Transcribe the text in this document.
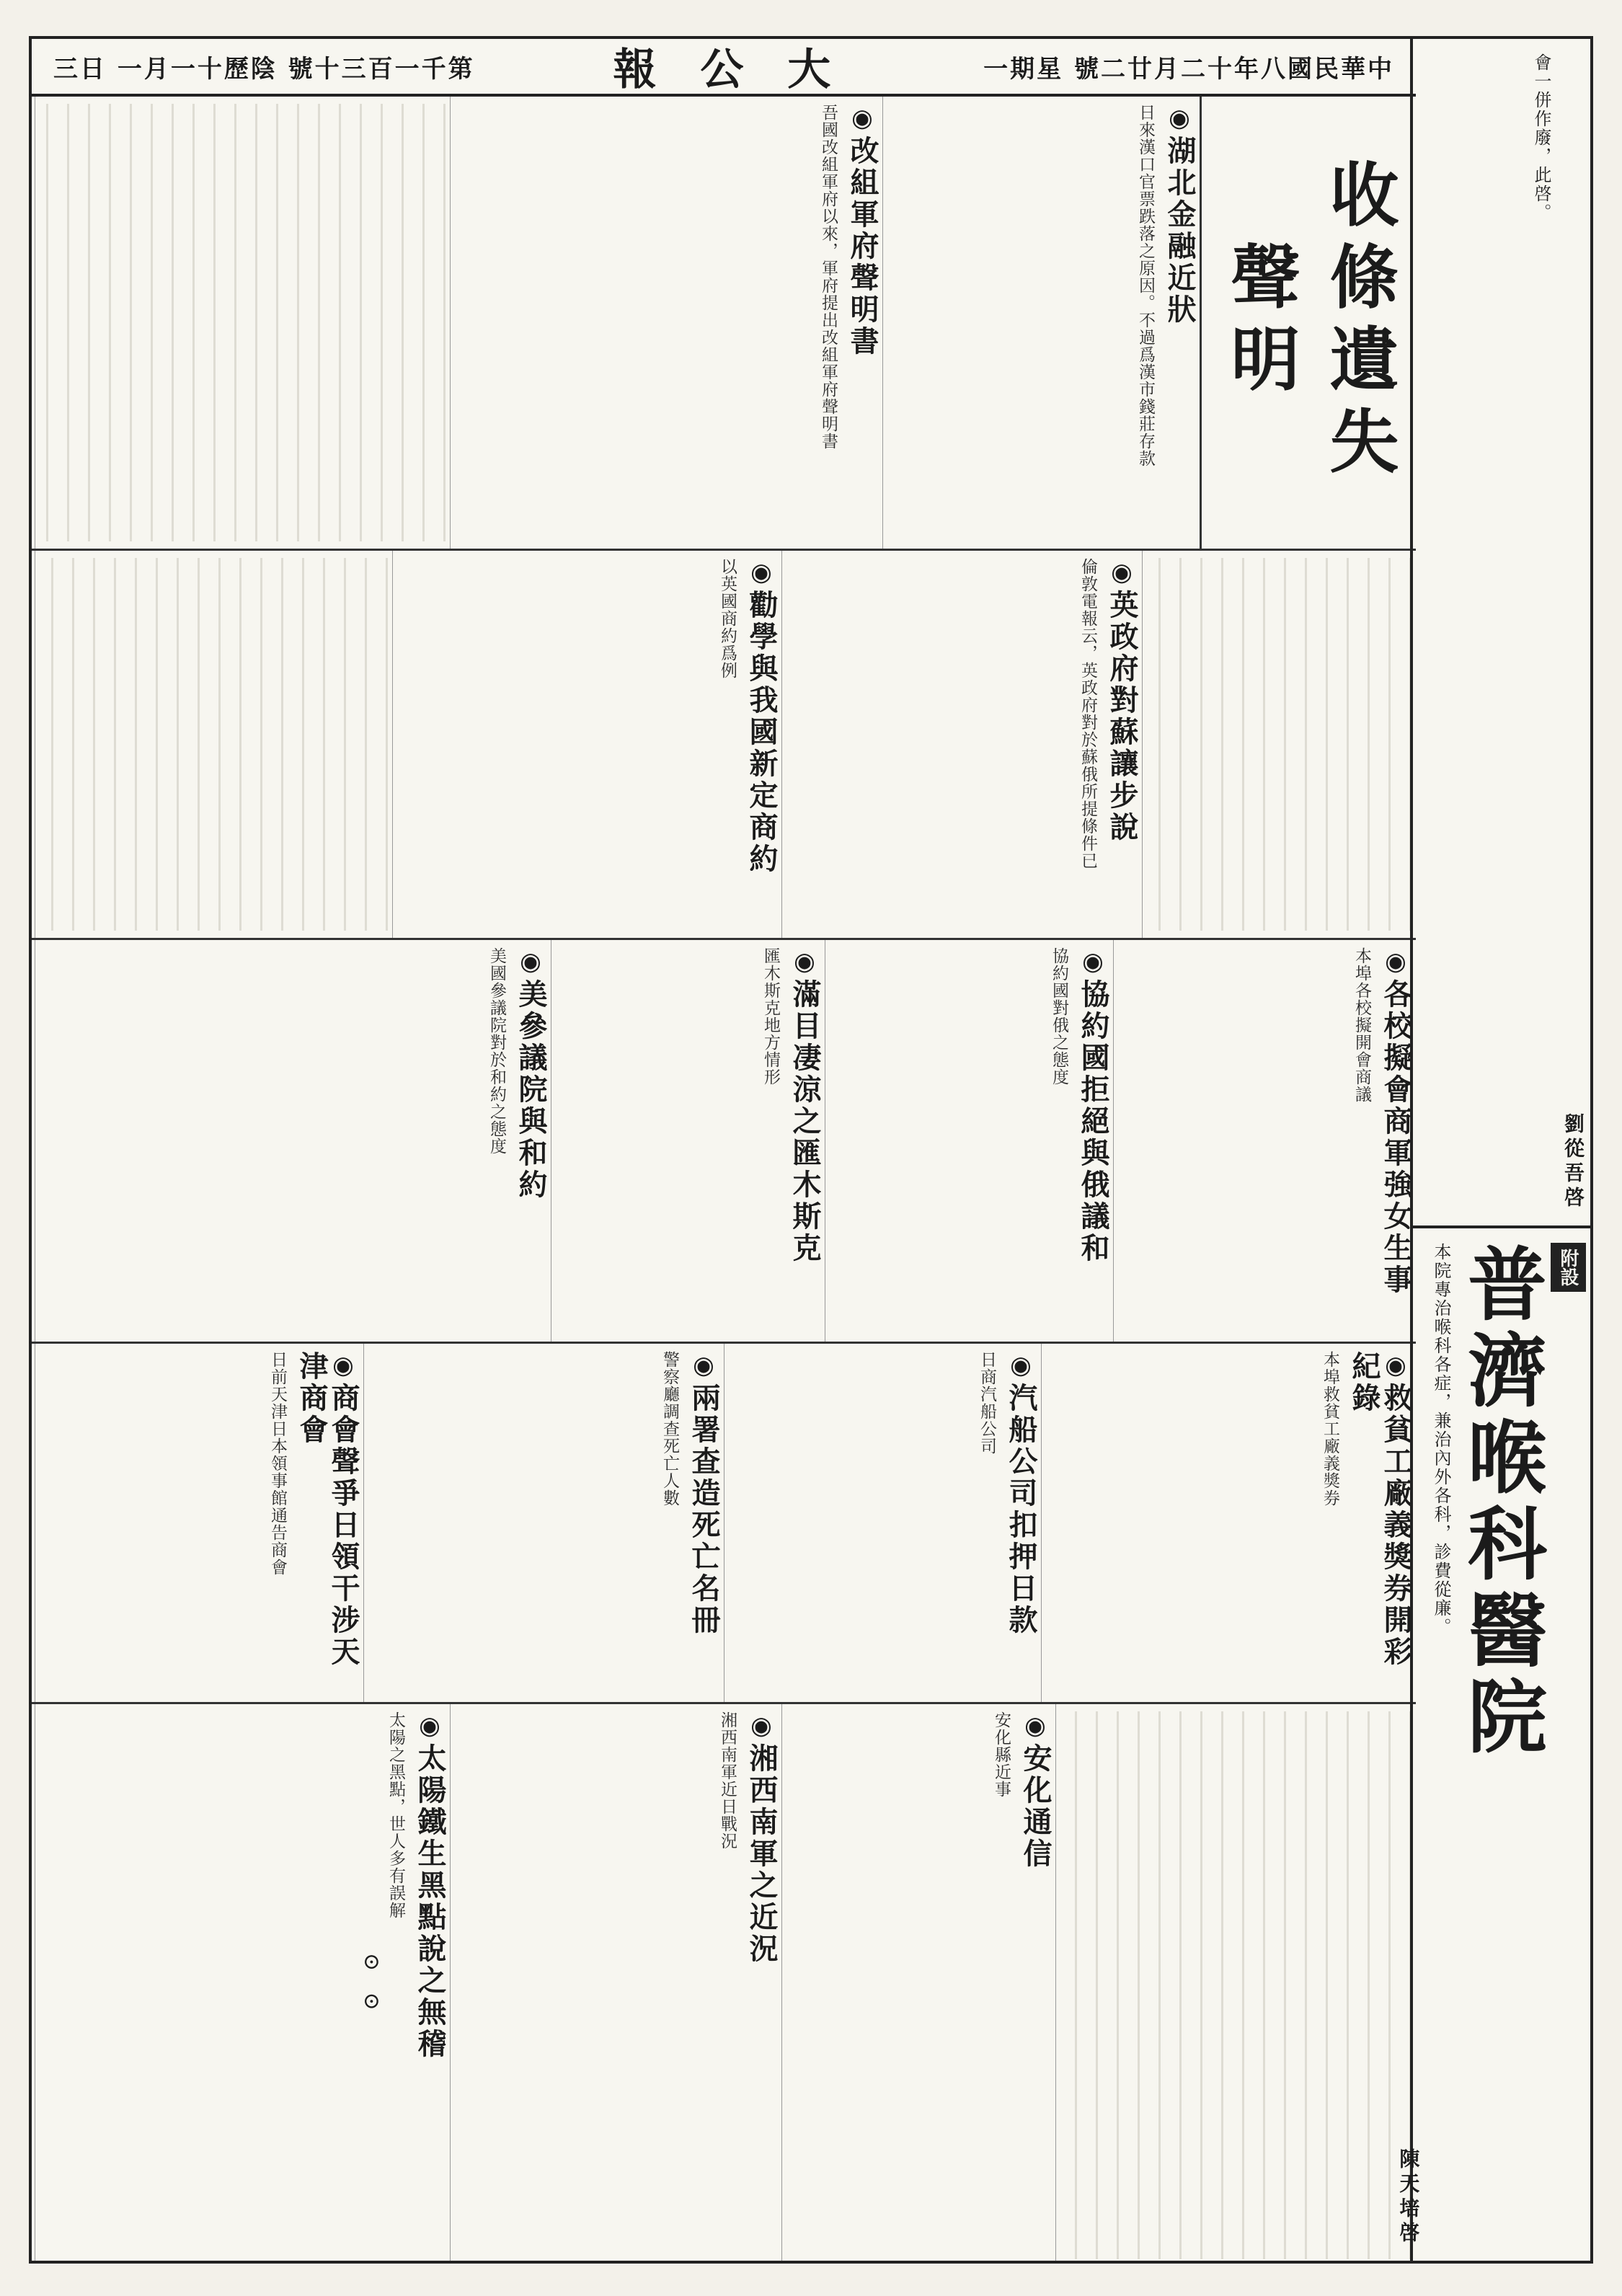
三日 一月一十歷陰 號十三百一千第	報 公 大	一期星 號二廿月二十年八國民華中
收條遺失聲明
鄙人於陰曆十一月九日遺失收條兩張，特此聲明作廢。
◉湖北金融近狀
日來漢口官票跌落之原因。不過爲漢市錢莊存款
◉改組軍府聲明書
吾國改組軍府以來，軍府提出改組軍府聲明書
◉英政府對蘇讓步說
倫敦電報云，英政府對於蘇俄所提條件已
◉勸學與我國新定商約
以英國商約爲例
◉各校擬會商軍強女生事
本埠各校擬開會商議
◉協約國拒絕與俄議和
協約國對俄之態度
◉滿目凄涼之匯木斯克
匯木斯克地方情形
◉美參議院與和約
美國參議院對於和約之態度
◉救貧工廠義獎券開彩紀錄
本埠救貧工廠義獎券
◉汽船公司扣押日款
日商汽船公司
◉兩署查造死亡名冊
警察廳調查死亡人數
◉商會聲爭日領干涉天津商會
日前天津日本領事館通告商會
◉安化通信
安化縣近事
◉湘西南軍之近況
湘西南軍近日戰況
◉太陽鐵生黑點說之無稽
太陽之黑點，世人多有誤解
⊙ ⊙
劉從吾啓
會一併作廢，此啓。
附設
普濟喉科醫院
本院專治喉科各症，兼治內外各科，診費從廉。
陳天培啓
